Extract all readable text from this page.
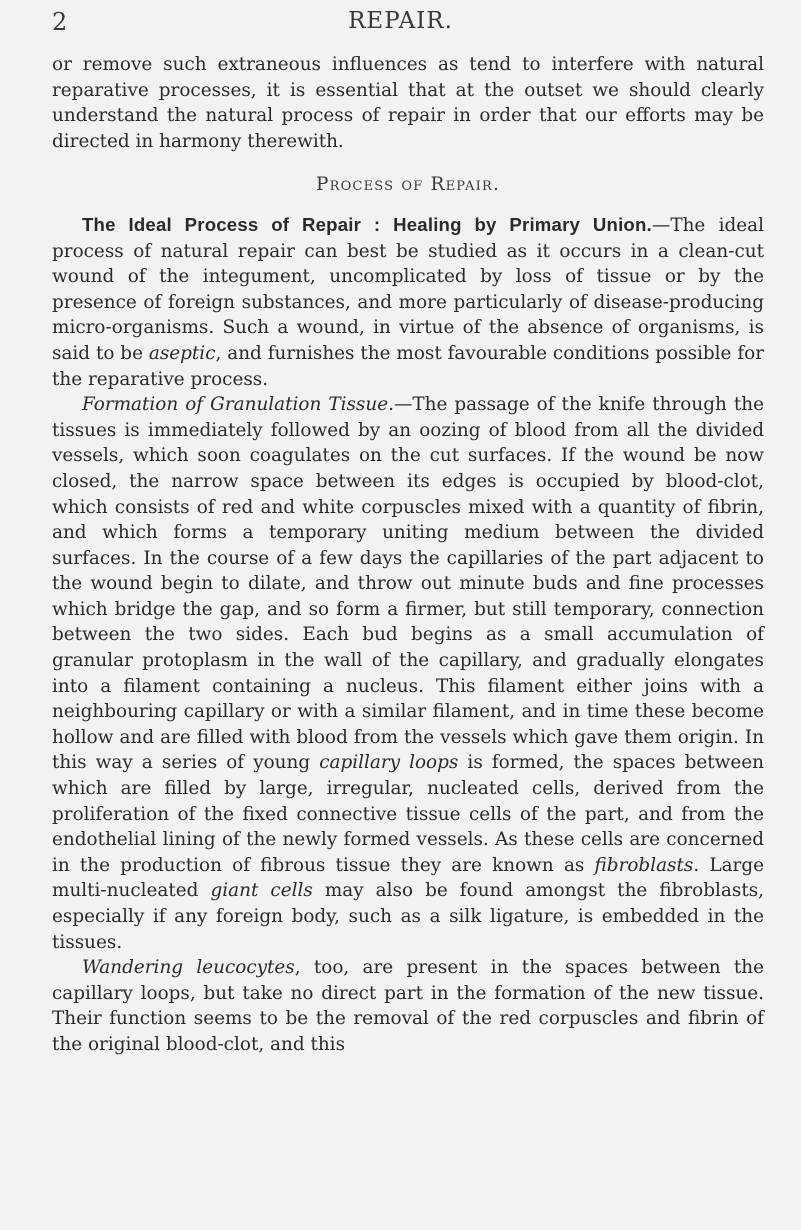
2	REPAIR.

or remove such extraneous influences as tend to interfere with natural reparative processes, it is essential that at the outset we should clearly understand the natural process of repair in order that our efforts may be directed in harmony therewith.

Process of Repair.

The Ideal Process of Repair : Healing by Primary Union.—The ideal process of natural repair can best be studied as it occurs in a clean-cut wound of the integument, uncomplicated by loss of tissue or by the presence of foreign substances, and more particularly of disease-producing micro-organisms. Such a wound, in virtue of the absence of organisms, is said to be aseptic, and furnishes the most favourable conditions possible for the reparative process.

Formation of Granulation Tissue.—The passage of the knife through the tissues is immediately followed by an oozing of blood from all the divided vessels, which soon coagulates on the cut surfaces. If the wound be now closed, the narrow space between its edges is occupied by blood-clot, which consists of red and white corpuscles mixed with a quantity of fibrin, and which forms a temporary uniting medium between the divided surfaces. In the course of a few days the capillaries of the part adjacent to the wound begin to dilate, and throw out minute buds and fine processes which bridge the gap, and so form a firmer, but still temporary, connection between the two sides. Each bud begins as a small accumulation of granular protoplasm in the wall of the capillary, and gradually elongates into a filament containing a nucleus. This filament either joins with a neighbouring capillary or with a similar filament, and in time these become hollow and are filled with blood from the vessels which gave them origin. In this way a series of young capillary loops is formed, the spaces between which are filled by large, irregular, nucleated cells, derived from the proliferation of the fixed connective tissue cells of the part, and from the endothelial lining of the newly formed vessels. As these cells are concerned in the production of fibrous tissue they are known as fibroblasts. Large multi-nucleated giant cells may also be found amongst the fibroblasts, especially if any foreign body, such as a silk ligature, is embedded in the tissues.

Wandering leucocytes, too, are present in the spaces between the capillary loops, but take no direct part in the formation of the new tissue. Their function seems to be the removal of the red corpuscles and fibrin of the original blood-clot, and this
